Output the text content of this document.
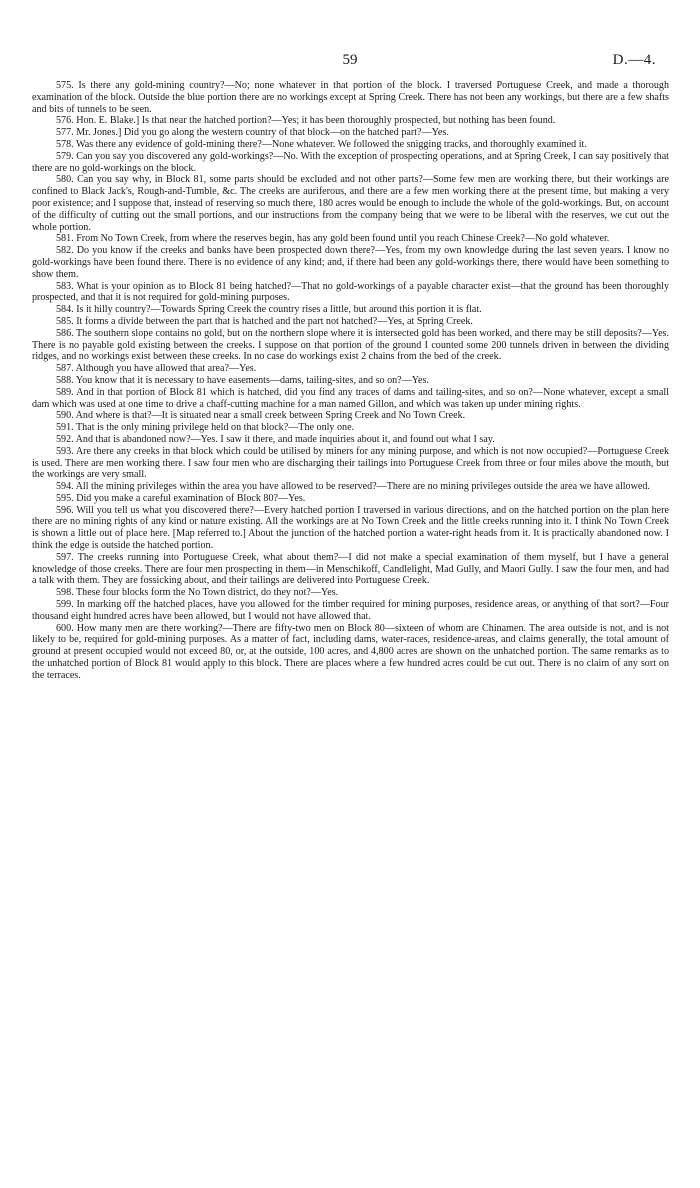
59	D.—4.

575. Is there any gold-mining country?—No; none whatever in that portion of the block. I traversed Portuguese Creek, and made a thorough examination of the block. Outside the blue portion there are no workings except at Spring Creek. There has not been any workings, but there are a few shafts and bits of tunnels to be seen.

576. Hon. E. Blake.] Is that near the hatched portion?—Yes; it has been thoroughly prospected, but nothing has been found.

577. Mr. Jones.] Did you go along the western country of that block—on the hatched part?—Yes.

578. Was there any evidence of gold-mining there?—None whatever. We followed the snigging tracks, and thoroughly examined it.

579. Can you say you discovered any gold-workings?—No. With the exception of prospecting operations, and at Spring Creek, I can say positively that there are no gold-workings on the block.

580. Can you say why, in Block 81, some parts should be excluded and not other parts?—Some few men are working there, but their workings are confined to Black Jack's, Rough-and-Tumble, &c. The creeks are auriferous, and there are a few men working there at the present time, but making a very poor existence; and I suppose that, instead of reserving so much there, 180 acres would be enough to include the whole of the gold-workings. But, on account of the difficulty of cutting out the small portions, and our instructions from the company being that we were to be liberal with the reserves, we cut out the whole portion.

581. From No Town Creek, from where the reserves begin, has any gold been found until you reach Chinese Creek?—No gold whatever.

582. Do you know if the creeks and banks have been prospected down there?—Yes, from my own knowledge during the last seven years. I know no gold-workings have been found there. There is no evidence of any kind; and, if there had been any gold-workings there, there would have been something to show them.

583. What is your opinion as to Block 81 being hatched?—That no gold-workings of a payable character exist—that the ground has been thoroughly prospected, and that it is not required for gold-mining purposes.

584. Is it hilly country?—Towards Spring Creek the country rises a little, but around this portion it is flat.

585. It forms a divide between the part that is hatched and the part not hatched?—Yes, at Spring Creek.

586. The southern slope contains no gold, but on the northern slope where it is intersected gold has been worked, and there may be still deposits?—Yes. There is no payable gold existing between the creeks. I suppose on that portion of the ground I counted some 200 tunnels driven in between the dividing ridges, and no workings exist between these creeks. In no case do workings exist 2 chains from the bed of the creek.

587. Although you have allowed that area?—Yes.

588. You know that it is necessary to have easements—dams, tailing-sites, and so on?—Yes.

589. And in that portion of Block 81 which is hatched, did you find any traces of dams and tailing-sites, and so on?—None whatever, except a small dam which was used at one time to drive a chaff-cutting machine for a man named Gillon, and which was taken up under mining rights.

590. And where is that?—It is situated near a small creek between Spring Creek and No Town Creek.

591. That is the only mining privilege held on that block?—The only one.

592. And that is abandoned now?—Yes. I saw it there, and made inquiries about it, and found out what I say.

593. Are there any creeks in that block which could be utilised by miners for any mining purpose, and which is not now occupied?—Portuguese Creek is used. There are men working there. I saw four men who are discharging their tailings into Portuguese Creek from three or four miles above the mouth, but the workings are very small.

594. All the mining privileges within the area you have allowed to be reserved?—There are no mining privileges outside the area we have allowed.

595. Did you make a careful examination of Block 80?—Yes.

596. Will you tell us what you discovered there?—Every hatched portion I traversed in various directions, and on the hatched portion on the plan here there are no mining rights of any kind or nature existing. All the workings are at No Town Creek and the little creeks running into it. I think No Town Creek is shown a little out of place here. [Map referred to.] About the junction of the hatched portion a water-right heads from it. It is practically abandoned now. I think the edge is outside the hatched portion.

597. The creeks running into Portuguese Creek, what about them?—I did not make a special examination of them myself, but I have a general knowledge of those creeks. There are four men prospecting in them—in Menschikoff, Candlelight, Mad Gully, and Maori Gully. I saw the four men, and had a talk with them. They are fossicking about, and their tailings are delivered into Portuguese Creek.

598. These four blocks form the No Town district, do they not?—Yes.

599. In marking off the hatched places, have you allowed for the timber required for mining purposes, residence areas, or anything of that sort?—Four thousand eight hundred acres have been allowed, but I would not have allowed that.

600. How many men are there working?—There are fifty-two men on Block 80—sixteen of whom are Chinamen. The area outside is not, and is not likely to be, required for gold-mining purposes. As a matter of fact, including dams, water-races, residence-areas, and claims generally, the total amount of ground at present occupied would not exceed 80, or, at the outside, 100 acres, and 4,800 acres are shown on the unhatched portion. The same remarks as to the unhatched portion of Block 81 would apply to this block. There are places where a few hundred acres could be cut out. There is no claim of any sort on the terraces.
